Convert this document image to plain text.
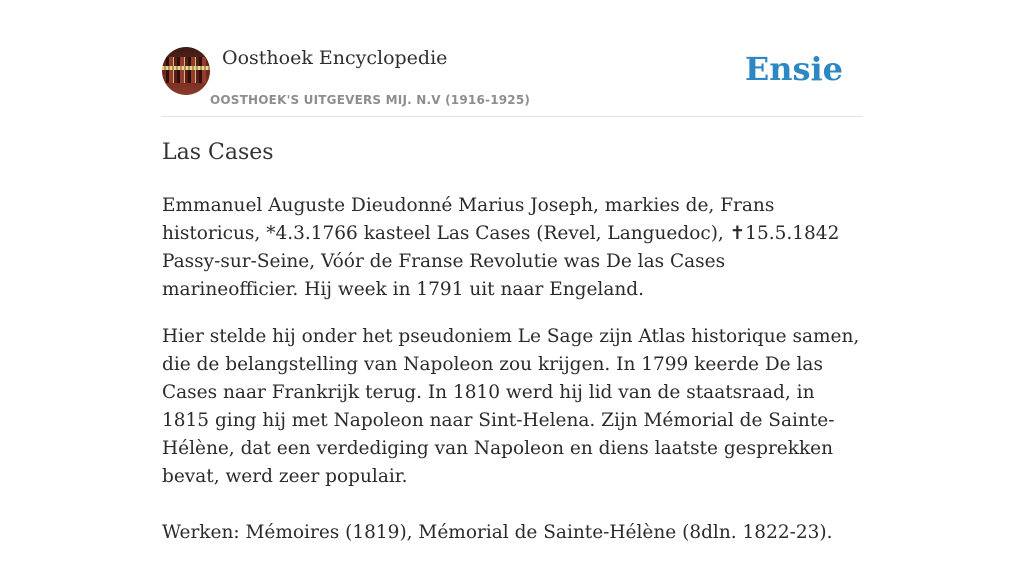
Oosthoek Encyclopedie
OOSTHOEK'S UITGEVERS MIJ. N.V (1916-1925)
Ensie
Las Cases

Emmanuel Auguste Dieudonné Marius Joseph, markies de, Frans historicus, *4.3.1766 kasteel Las Cases (Revel, Languedoc), ✝15.5.1842 Passy-sur-Seine, Vóór de Franse Revolutie was De las Cases marineofficier. Hij week in 1791 uit naar Engeland.

Hier stelde hij onder het pseudoniem Le Sage zijn Atlas historique samen, die de belangstelling van Napoleon zou krijgen. In 1799 keerde De las Cases naar Frankrijk terug. In 1810 werd hij lid van de staatsraad, in 1815 ging hij met Napoleon naar Sint-Helena. Zijn Mémorial de Sainte-Hélène, dat een verdediging van Napoleon en diens laatste gesprekken bevat, werd zeer populair.

Werken: Mémoires (1819), Mémorial de Sainte-Hélène (8dln. 1822-23).
